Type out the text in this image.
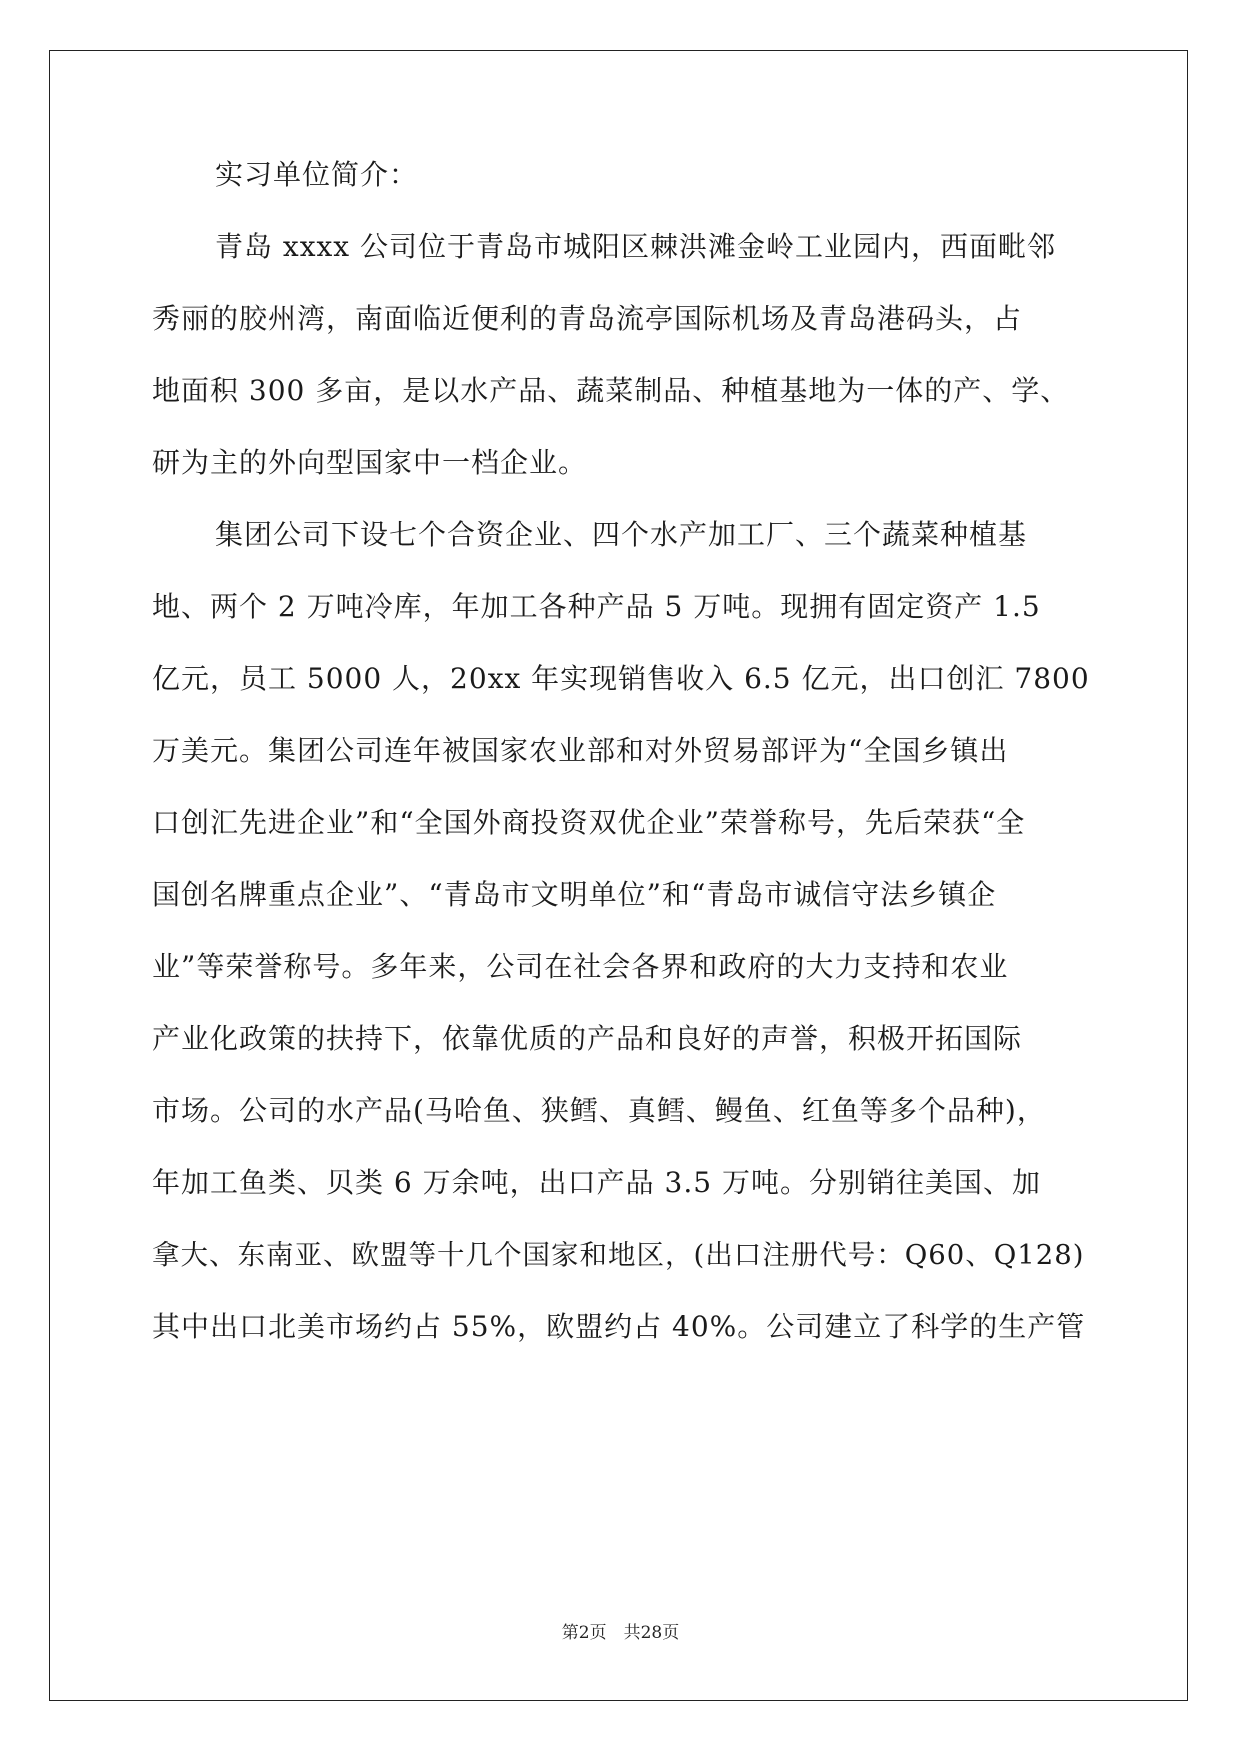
实习单位简介：
青岛 xxxx 公司位于青岛市城阳区棘洪滩金岭工业园内，西面毗邻
秀丽的胶州湾，南面临近便利的青岛流亭国际机场及青岛港码头，占
地面积 300 多亩，是以水产品、蔬菜制品、种植基地为一体的产、学、
研为主的外向型国家中一档企业。
集团公司下设七个合资企业、四个水产加工厂、三个蔬菜种植基
地、两个 2 万吨冷库，年加工各种产品 5 万吨。现拥有固定资产 1.5
亿元，员工 5000 人，20xx 年实现销售收入 6.5 亿元，出口创汇 7800
万美元。集团公司连年被国家农业部和对外贸易部评为“全国乡镇出
口创汇先进企业”和“全国外商投资双优企业”荣誉称号，先后荣获“全
国创名牌重点企业”、“青岛市文明单位”和“青岛市诚信守法乡镇企
业”等荣誉称号。多年来，公司在社会各界和政府的大力支持和农业
产业化政策的扶持下，依靠优质的产品和良好的声誉，积极开拓国际
市场。公司的水产品(马哈鱼、狭鳕、真鳕、鳗鱼、红鱼等多个品种)，
年加工鱼类、贝类 6 万余吨，出口产品 3.5 万吨。分别销往美国、加
拿大、东南亚、欧盟等十几个国家和地区，(出口注册代号：Q60、Q128)
其中出口北美市场约占 55%，欧盟约占 40%。公司建立了科学的生产管
第2页　共28页
